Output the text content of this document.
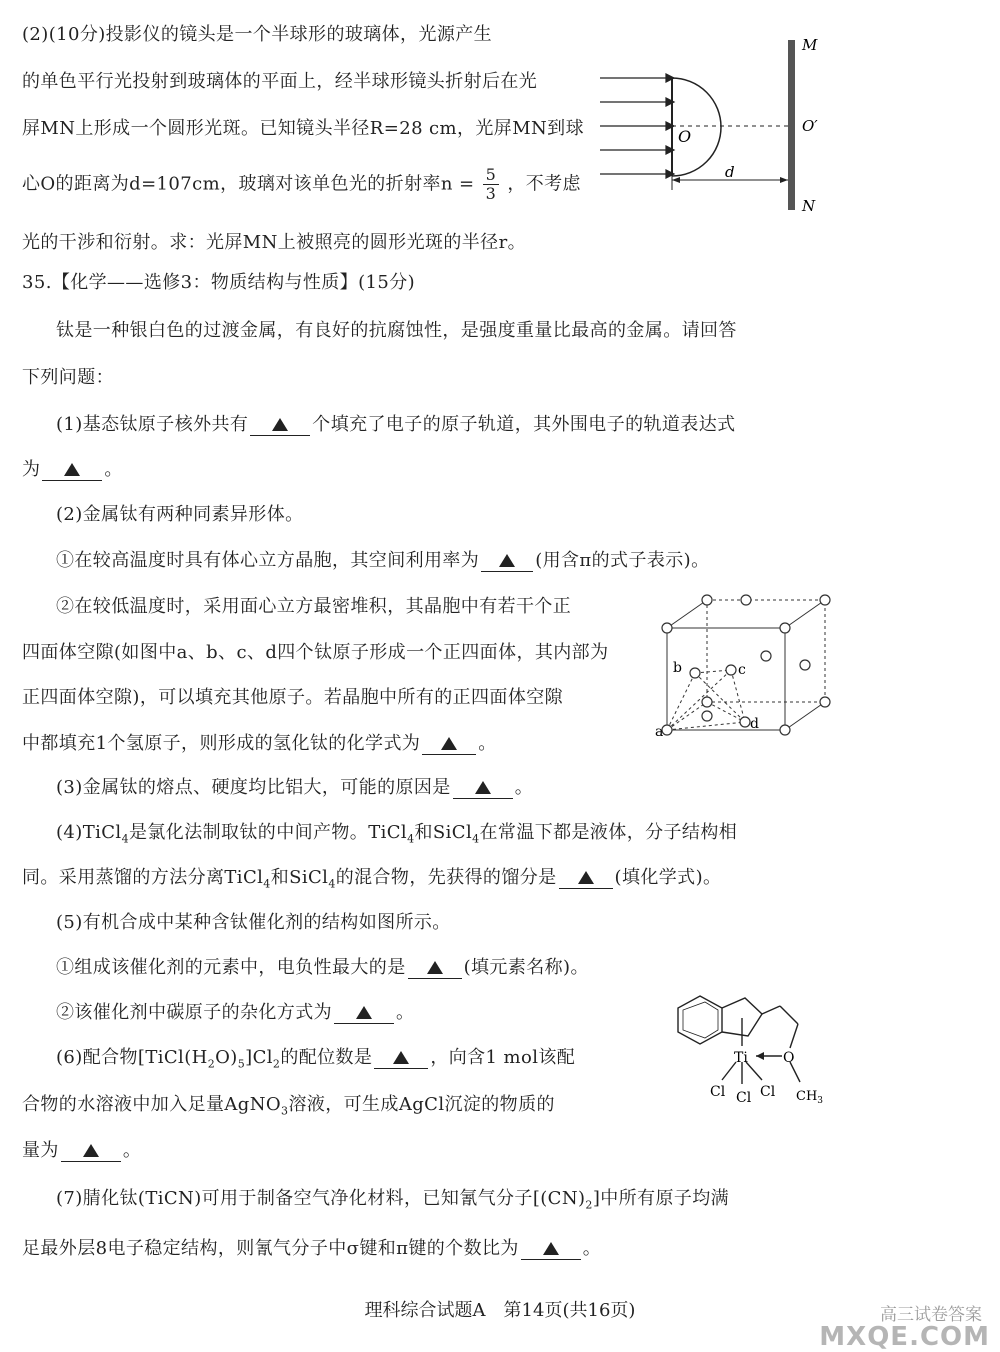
(2)(10分)投影仪的镜头是一个半球形的玻璃体，光源产生
的单色平行光投射到玻璃体的平面上，经半球形镜头折射后在光
屏MN上形成一个圆形光斑。已知镜头半径R=28 cm，光屏MN到球
心O的距离为d=107cm，玻璃对该单色光的折射率$n = \frac{5}{3}$ ，不考虑
光的干涉和衍射。求：光屏MN上被照亮的圆形光斑的半径r。
O
M
O′
N
d
35.【化学——选修3：物质结构与性质】(15分)
钛是一种银白色的过渡金属，有良好的抗腐蚀性，是强度重量比最高的金属。请回答
下列问题：
(1)基态钛原子核外共有	个填充了电子的原子轨道，其外围电子的轨道表达式
为	。
(2)金属钛有两种同素异形体。
①在较高温度时具有体心立方晶胞，其空间利用率为	(用含π的式子表示)。
②在较低温度时，采用面心立方最密堆积，其晶胞中有若干个正
四面体空隙(如图中a、b、c、d四个钛原子形成一个正四面体，其内部为
正四面体空隙)，可以填充其他原子。若晶胞中所有的正四面体空隙
中都填充1个氢原子，则形成的氢化钛的化学式为	。
a
b	c
d
(3)金属钛的熔点、硬度均比铝大，可能的原因是	。
(4)TiCl$_4$是氯化法制取钛的中间产物。TiCl$_4$和SiCl$_4$在常温下都是液体，分子结构相
同。采用蒸馏的方法分离TiCl$_4$和SiCl$_4$的混合物，先获得的馏分是	(填化学式)。
(5)有机合成中某种含钛催化剂的结构如图所示。
①组成该催化剂的元素中，电负性最大的是	(填元素名称)。
②该催化剂中碳原子的杂化方式为	。
Ti	O
Cl Cl Cl $CH_3$
(6)配合物$[TiCl(H_2O)_5]Cl_2$的配位数是	，向含1 mol该配
合物的水溶液中加入足量AgNO$_3$溶液，可生成AgCl沉淀的物质的
量为	。
(7)腈化钛(TiCN)可用于制备空气净化材料，已知氰气分子$[(CN)_2]$中所有原子均满
足最外层8电子稳定结构，则氰气分子中σ键和π键的个数比为	。
理科综合试题A　第14页(共16页)	高三试卷答案
MXQE.COM
